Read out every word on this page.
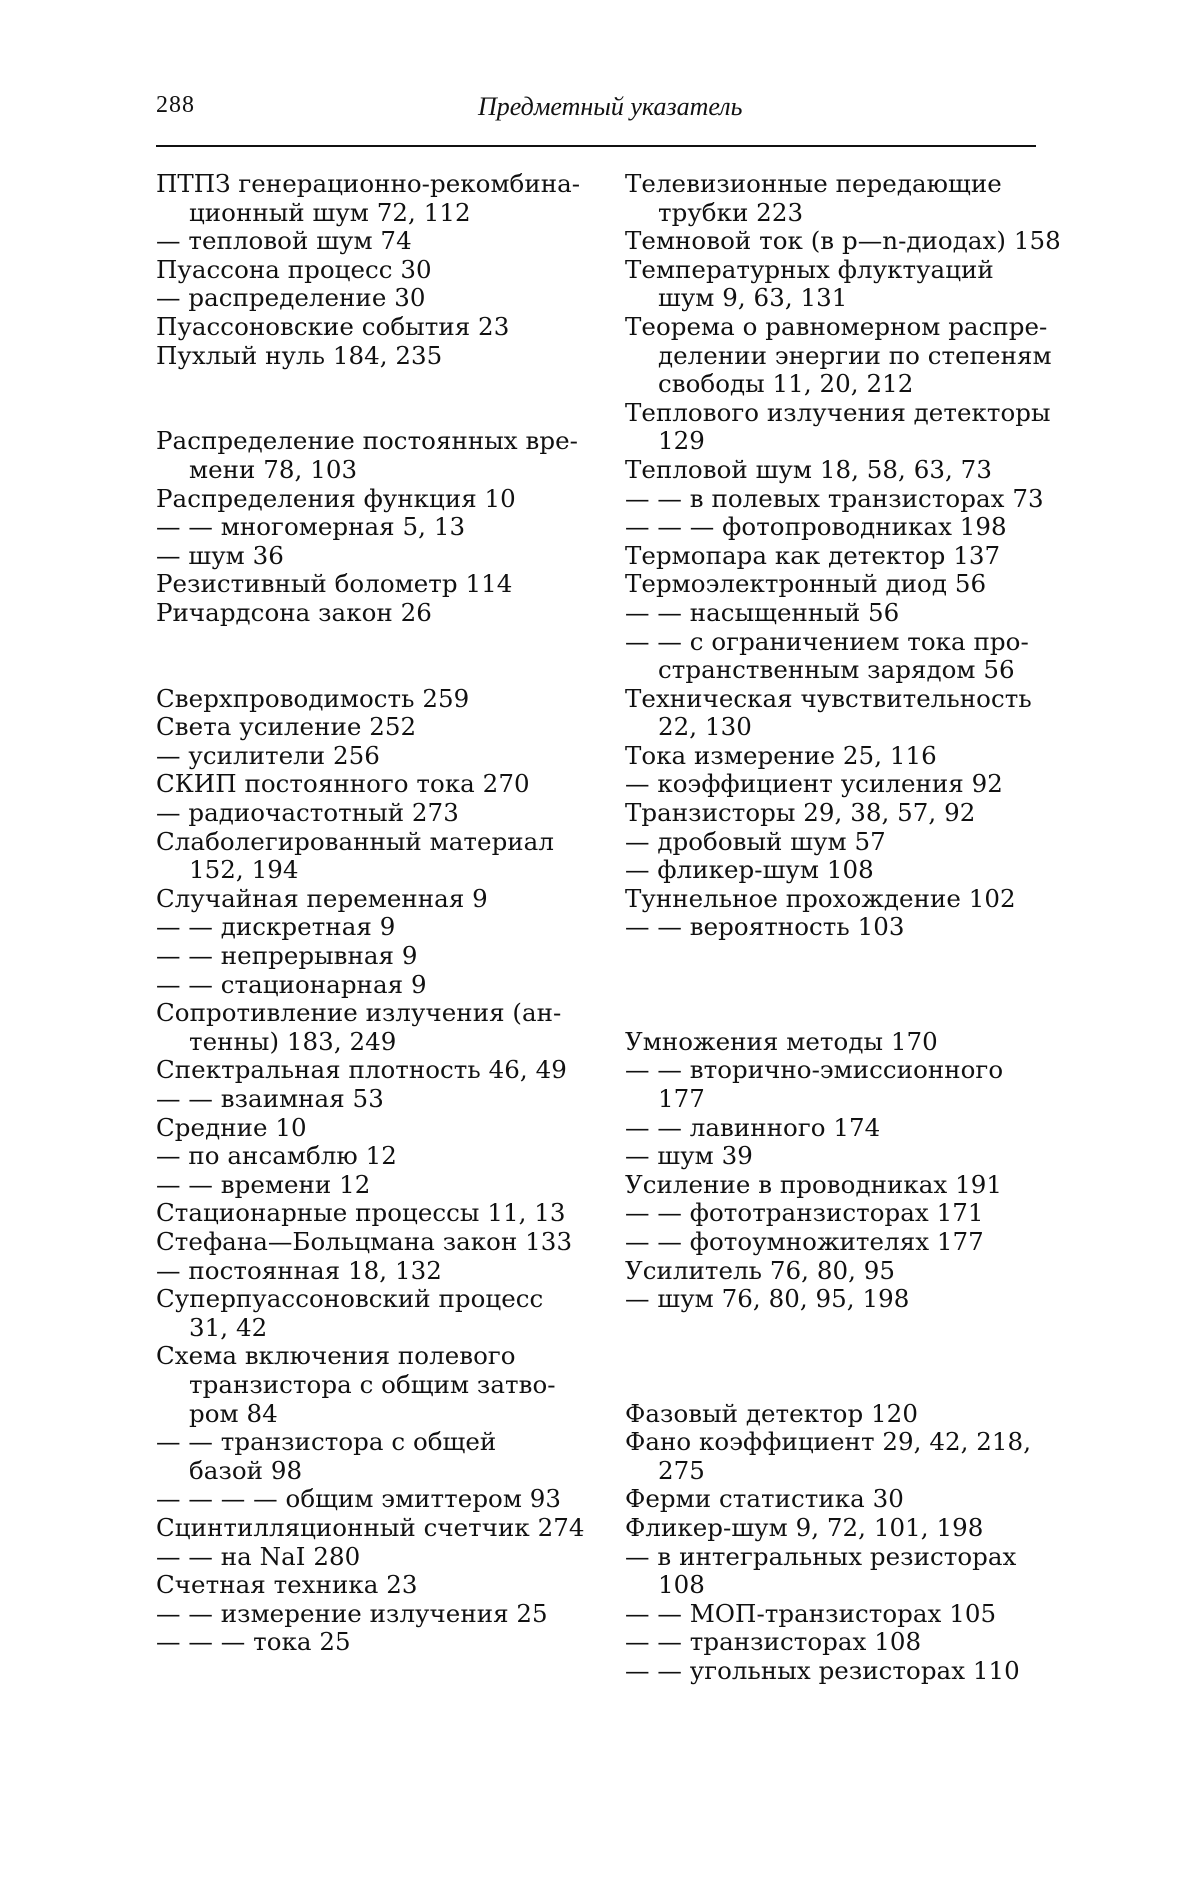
288	Предметный указатель
ПТПЗ генерационно-рекомбина-
ционный шум 72, 112
— тепловой шум 74
Пуассона процесс 30
— распределение 30
Пуассоновские события 23
Пухлый нуль 184, 235
Распределение постоянных вре-
мени 78, 103
Распределения функция 10
— — многомерная 5, 13
— шум 36
Резистивный болометр 114
Ричардсона закон 26
Сверхпроводимость 259
Света усиление 252
— усилители 256
СКИП постоянного тока 270
— радиочастотный 273
Слаболегированный материал
152, 194
Случайная переменная 9
— — дискретная 9
— — непрерывная 9
— — стационарная 9
Сопротивление излучения (ан-
тенны) 183, 249
Спектральная плотность 46, 49
— — взаимная 53
Средние 10
— по ансамблю 12
— — времени 12
Стационарные процессы 11, 13
Стефана—Больцмана закон 133
— постоянная 18, 132
Суперпуассоновский процесс
31, 42
Схема включения полевого
транзистора с общим затво-
ром 84
— — транзистора с общей
базой 98
— — — — общим эмиттером 93
Сцинтилляционный счетчик 274
— — на NaI 280
Счетная техника 23
— — измерение излучения 25
— — — тока 25
Телевизионные передающие
трубки 223
Темновой ток (в p—n-диодах) 158
Температурных флуктуаций
шум 9, 63, 131
Теорема о равномерном распре-
делении энергии по степеням
свободы 11, 20, 212
Теплового излучения детекторы
129
Тепловой шум 18, 58, 63, 73
— — в полевых транзисторах 73
— — — фотопроводниках 198
Термопара как детектор 137
Термоэлектронный диод 56
— — насыщенный 56
— — с ограничением тока про-
странственным зарядом 56
Техническая чувствительность
22, 130
Тока измерение 25, 116
— коэффициент усиления 92
Транзисторы 29, 38, 57, 92
— дробовый шум 57
— фликер-шум 108
Туннельное прохождение 102
— — вероятность 103
Умножения методы 170
— — вторично-эмиссионного
177
— — лавинного 174
— шум 39
Усиление в проводниках 191
— — фототранзисторах 171
— — фотоумножителях 177
Усилитель 76, 80, 95
— шум 76, 80, 95, 198
Фазовый детектор 120
Фано коэффициент 29, 42, 218,
275
Ферми статистика 30
Фликер-шум 9, 72, 101, 198
— в интегральных резисторах
108
— — МОП-транзисторах 105
— — транзисторах 108
— — угольных резисторах 110
